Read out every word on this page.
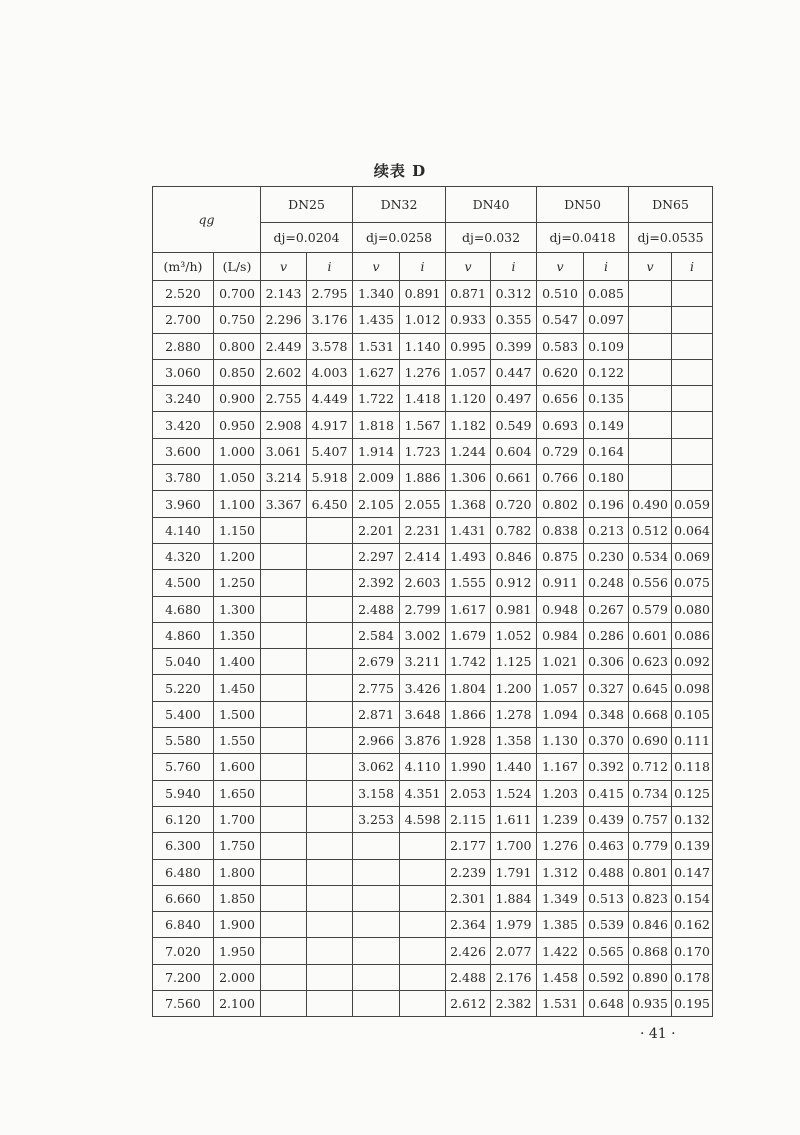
续表 D
qg		DN25		DN32		DN40		DN50		DN65	
		dj=0.0204		dj=0.0258		dj=0.032		dj=0.0418		dj=0.0535	
(m³/h)	(L/s)	v	i	v	i	v	i	v	i	v	i
2.520	0.700	2.143	2.795	1.340	0.891	0.871	0.312	0.510	0.085		
2.700	0.750	2.296	3.176	1.435	1.012	0.933	0.355	0.547	0.097		
2.880	0.800	2.449	3.578	1.531	1.140	0.995	0.399	0.583	0.109		
3.060	0.850	2.602	4.003	1.627	1.276	1.057	0.447	0.620	0.122		
3.240	0.900	2.755	4.449	1.722	1.418	1.120	0.497	0.656	0.135		
3.420	0.950	2.908	4.917	1.818	1.567	1.182	0.549	0.693	0.149		
3.600	1.000	3.061	5.407	1.914	1.723	1.244	0.604	0.729	0.164		
3.780	1.050	3.214	5.918	2.009	1.886	1.306	0.661	0.766	0.180		
3.960	1.100	3.367	6.450	2.105	2.055	1.368	0.720	0.802	0.196	0.490	0.059
4.140	1.150			2.201	2.231	1.431	0.782	0.838	0.213	0.512	0.064
4.320	1.200			2.297	2.414	1.493	0.846	0.875	0.230	0.534	0.069
4.500	1.250			2.392	2.603	1.555	0.912	0.911	0.248	0.556	0.075
4.680	1.300			2.488	2.799	1.617	0.981	0.948	0.267	0.579	0.080
4.860	1.350			2.584	3.002	1.679	1.052	0.984	0.286	0.601	0.086
5.040	1.400			2.679	3.211	1.742	1.125	1.021	0.306	0.623	0.092
5.220	1.450			2.775	3.426	1.804	1.200	1.057	0.327	0.645	0.098
5.400	1.500			2.871	3.648	1.866	1.278	1.094	0.348	0.668	0.105
5.580	1.550			2.966	3.876	1.928	1.358	1.130	0.370	0.690	0.111
5.760	1.600			3.062	4.110	1.990	1.440	1.167	0.392	0.712	0.118
5.940	1.650			3.158	4.351	2.053	1.524	1.203	0.415	0.734	0.125
6.120	1.700			3.253	4.598	2.115	1.611	1.239	0.439	0.757	0.132
6.300	1.750					2.177	1.700	1.276	0.463	0.779	0.139
6.480	1.800					2.239	1.791	1.312	0.488	0.801	0.147
6.660	1.850					2.301	1.884	1.349	0.513	0.823	0.154
6.840	1.900					2.364	1.979	1.385	0.539	0.846	0.162
7.020	1.950					2.426	2.077	1.422	0.565	0.868	0.170
7.200	2.000					2.488	2.176	1.458	0.592	0.890	0.178
7.560	2.100					2.612	2.382	1.531	0.648	0.935	0.195
· 41 ·
